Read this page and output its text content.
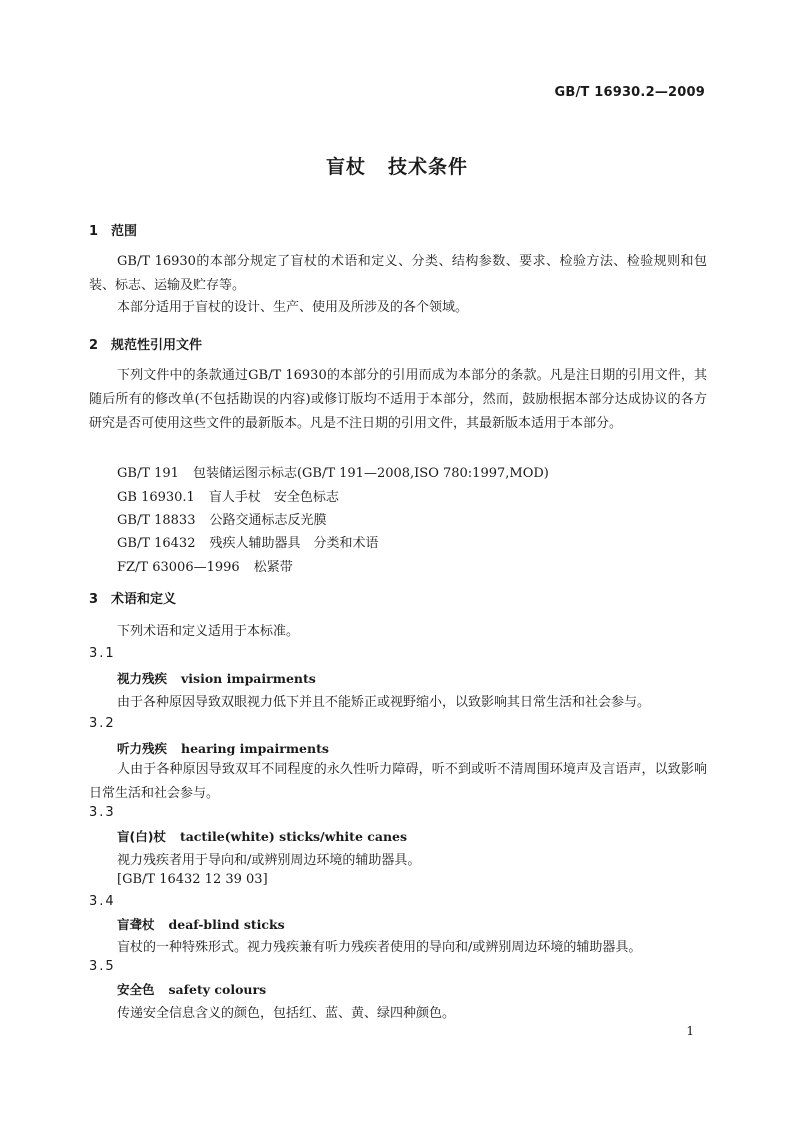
GB/T 16930.2—2009
盲杖 技术条件
1 范围
GB/T 16930的本部分规定了盲杖的术语和定义、分类、结构参数、要求、检验方法、检验规则和包装、标志、运输及贮存等。
本部分适用于盲杖的设计、生产、使用及所涉及的各个领域。
2 规范性引用文件
下列文件中的条款通过GB/T 16930的本部分的引用而成为本部分的条款。凡是注日期的引用文件，其随后所有的修改单(不包括勘误的内容)或修订版均不适用于本部分，然而，鼓励根据本部分达成协议的各方研究是否可使用这些文件的最新版本。凡是不注日期的引用文件，其最新版本适用于本部分。
GB/T 191 包装储运图示标志(GB/T 191—2008,ISO 780:1997,MOD)
GB 16930.1 盲人手杖　安全色标志
GB/T 18833 公路交通标志反光膜
GB/T 16432 残疾人辅助器具　分类和术语
FZ/T 63006—1996 松紧带
3 术语和定义
下列术语和定义适用于本标准。
3.1
视力残疾 vision impairments
由于各种原因导致双眼视力低下并且不能矫正或视野缩小，以致影响其日常生活和社会参与。
3.2
听力残疾 hearing impairments
人由于各种原因导致双耳不同程度的永久性听力障碍，听不到或听不清周围环境声及言语声，以致影响日常生活和社会参与。
3.3
盲(白)杖 tactile(white) sticks/white canes
视力残疾者用于导向和/或辨别周边环境的辅助器具。
[GB/T 16432 12 39 03]
3.4
盲聋杖 deaf-blind sticks
盲杖的一种特殊形式。视力残疾兼有听力残疾者使用的导向和/或辨别周边环境的辅助器具。
3.5
安全色 safety colours
传递安全信息含义的颜色，包括红、蓝、黄、绿四种颜色。
1
